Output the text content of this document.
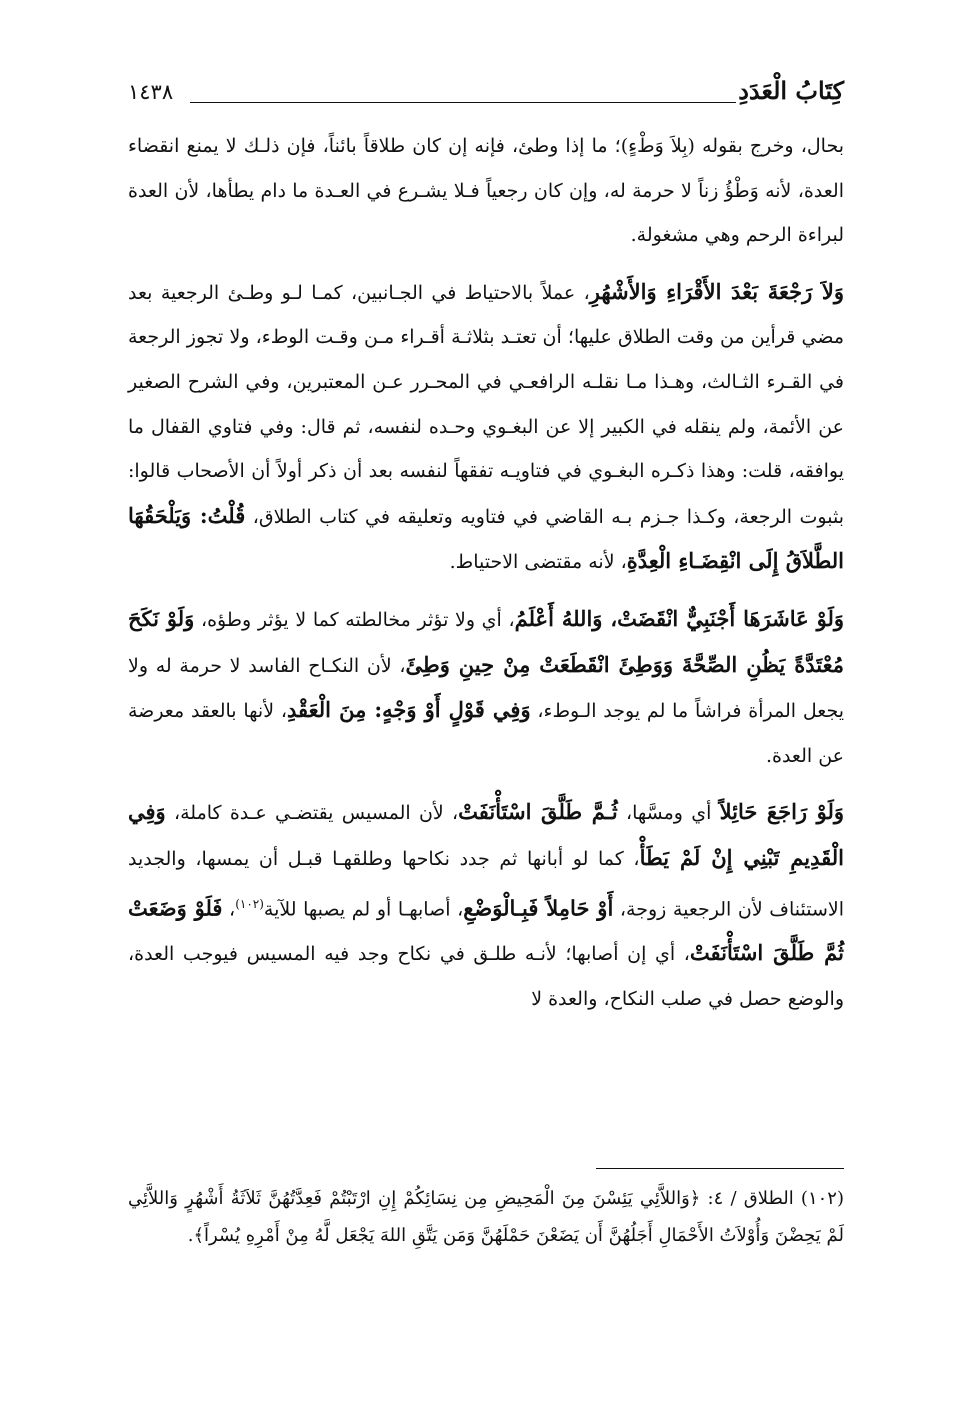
كِتَابُ الْعَدَدِ
١٤٣٨

بحال، وخرج بقوله (بِلاَ وَطْءٍ)؛ ما إذا وطئ، فإنه إن كان طلاقاً بائناً، فإن ذلـك لا يمنع انقضاء العدة، لأنه وَطْؤُ زناً لا حرمة له، وإن كان رجعياً فـلا يشـرع في العـدة ما دام يطأها، لأن العدة لبراءة الرحم وهي مشغولة.

وَلاَ رَجْعَةَ بَعْدَ الأَقْرَاءِ وَالأَشْهُرِ، عملاً بالاحتياط في الجـانبين، كمـا لـو وطـئ الرجعية بعد مضي قرأين من وقت الطلاق عليها؛ أن تعتـد بثلاثـة أقـراء مـن وقـت الوطء، ولا تجوز الرجعة في القـرء الثـالث، وهـذا مـا نقلـه الرافعـي في المحـرر عـن المعتبرين، وفي الشرح الصغير عن الأئمة، ولم ينقله في الكبير إلا عن البغـوي وحـده لنفسه، ثم قال: وفي فتاوي القفال ما يوافقه، قلت: وهذا ذكـره البغـوي في فتاويـه تفقهاً لنفسه بعد أن ذكر أولاً أن الأصحاب قالوا: بثبوت الرجعة، وكـذا جـزم بـه القاضي في فتاويه وتعليقه في كتاب الطلاق، قُلْتُ: وَيَلْحَقُهَا الطَّلاَقُ إِلَى انْقِضَـاءِ الْعِدَّةِ، لأنه مقتضى الاحتياط.

وَلَوْ عَاشَرَهَا أَجْنَبِيٌّ انْقَضَتْ، وَاللهُ أَعْلَمُ، أي ولا تؤثر مخالطته كما لا يؤثر وطؤه، وَلَوْ نَكَحَ مُعْتَدَّةً يَظُنِ الصِّحَّةَ وَوَطِئَ انْقَطَعَتْ مِنْ حِينِ وَطِئَ، لأن النكـاح الفاسد لا حرمة له ولا يجعل المرأة فراشاً ما لم يوجد الـوطء، وَفِي قَوْلٍ أَوْ وَجْهٍ: مِنَ الْعَقْدِ، لأنها بالعقد معرضة عن العدة.

وَلَوْ رَاجَعَ حَائِلاً أي ومسَّها، ثُـمَّ طَلَّقَ اسْتَأْنَفَتْ، لأن المسيس يقتضـي عـدة كاملة، وَفِي الْقَدِيمِ تَبْنِي إِنْ لَمْ يَطَأْ، كما لو أبانها ثم جدد نكاحها وطلقهـا قبـل أن يمسها، والجديد الاستئناف لأن الرجعية زوجة، أَوْ حَامِلاً فَبِـالْوَضْعِ، أصابهـا أو لم يصبها للآية$^{(١٠٢)}$، فَلَوْ وَضَعَتْ ثُمَّ طَلَّقَ اسْتَأْنَفَتْ، أي إن أصابها؛ لأنـه طلـق في نكاح وجد فيه المسيس فيوجب العدة، والوضع حصل في صلب النكاح، والعدة لا

(١٠٢) الطلاق / ٤: ﴿وَاللاَّئِي يَئِسْنَ مِنَ الْمَحِيضِ مِن نِسَائِكُمْ إِنِ ارْتَبْتُمْ فَعِدَّتُهُنَّ ثَلاَثَةُ أَشْهُرٍ وَاللاَّئِي لَمْ يَحِضْنَ وَأُوْلاَتُ الأَحْمَالِ أَجَلُهُنَّ أَن يَضَعْنَ حَمْلَهُنَّ وَمَن يَتَّقِ اللهَ يَجْعَل لَّهُ مِنْ أَمْرِهِ يُسْراً﴾.
